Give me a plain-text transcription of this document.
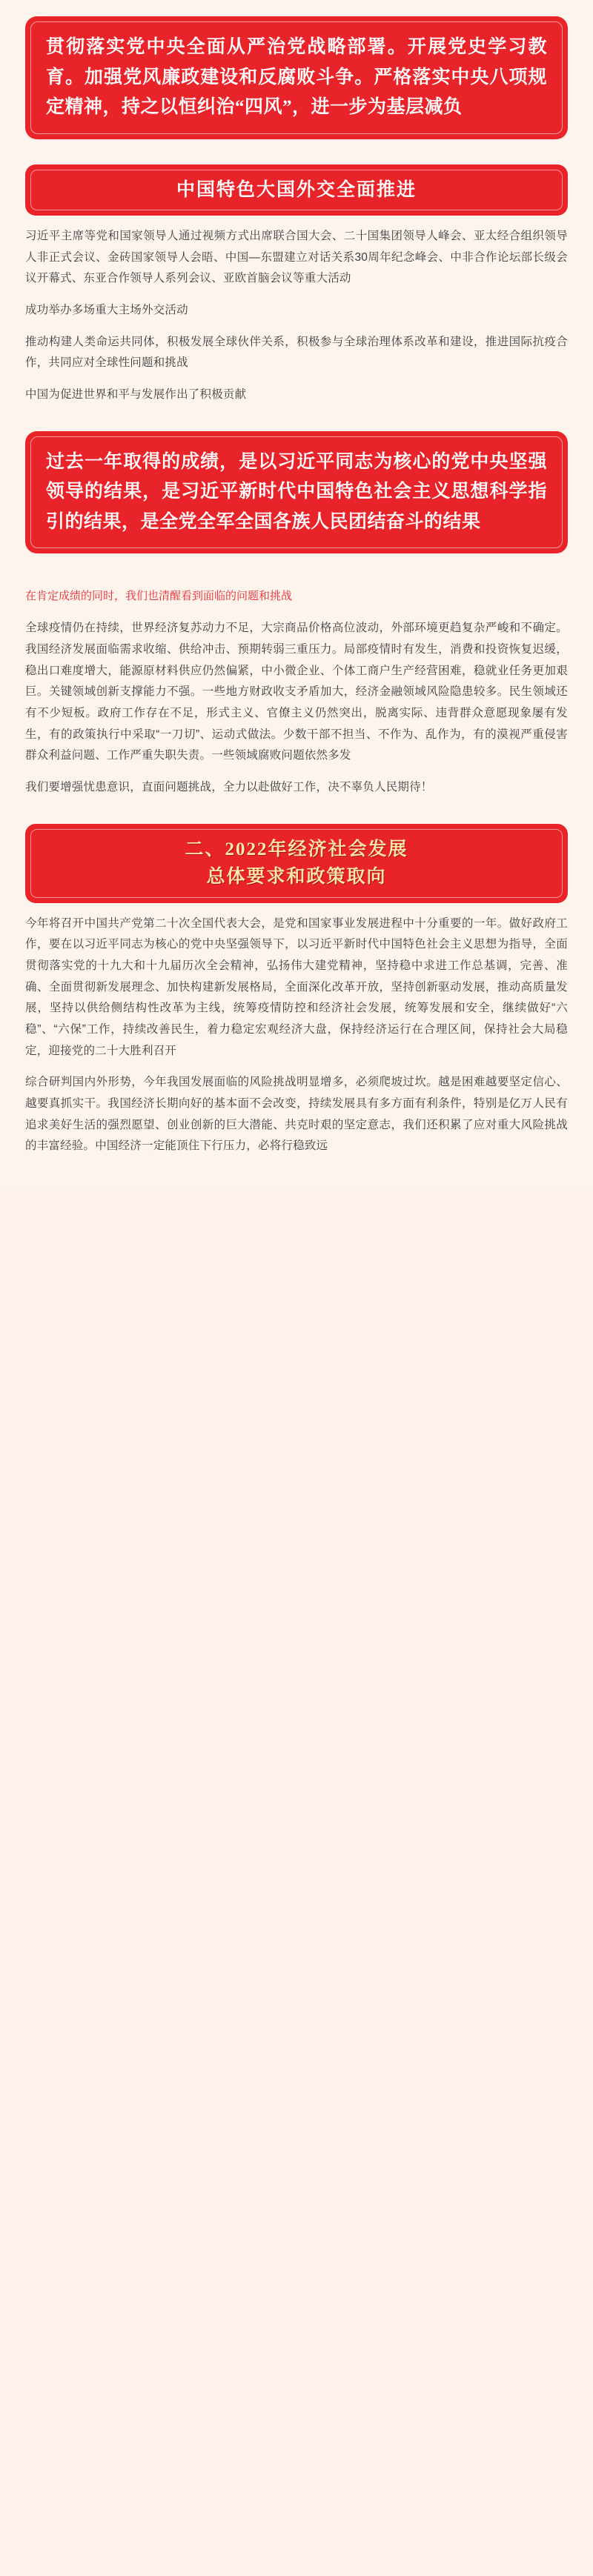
贯彻落实党中央全面从严治党战略部署。开展党史学习教育。加强党风廉政建设和反腐败斗争。严格落实中央八项规定精神，持之以恒纠治“四风”，进一步为基层减负
中国特色大国外交全面推进
习近平主席等党和国家领导人通过视频方式出席联合国大会、二十国集团领导人峰会、亚太经合组织领导人非正式会议、金砖国家领导人会晤、中国—东盟建立对话关系30周年纪念峰会、中非合作论坛部长级会议开幕式、东亚合作领导人系列会议、亚欧首脑会议等重大活动
成功举办多场重大主场外交活动
推动构建人类命运共同体，积极发展全球伙伴关系，积极参与全球治理体系改革和建设，推进国际抗疫合作，共同应对全球性问题和挑战
中国为促进世界和平与发展作出了积极贡献
过去一年取得的成绩，是以习近平同志为核心的党中央坚强领导的结果，是习近平新时代中国特色社会主义思想科学指引的结果，是全党全军全国各族人民团结奋斗的结果
在肯定成绩的同时，我们也清醒看到面临的问题和挑战
全球疫情仍在持续，世界经济复苏动力不足，大宗商品价格高位波动，外部环境更趋复杂严峻和不确定。我国经济发展面临需求收缩、供给冲击、预期转弱三重压力。局部疫情时有发生，消费和投资恢复迟缓，稳出口难度增大，能源原材料供应仍然偏紧，中小微企业、个体工商户生产经营困难，稳就业任务更加艰巨。关键领域创新支撑能力不强。一些地方财政收支矛盾加大，经济金融领域风险隐患较多。民生领域还有不少短板。政府工作存在不足，形式主义、官僚主义仍然突出，脱离实际、违背群众意愿现象屡有发生，有的政策执行中采取“一刀切”、运动式做法。少数干部不担当、不作为、乱作为，有的漠视严重侵害群众利益问题、工作严重失职失责。一些领域腐败问题依然多发
我们要增强忧患意识，直面问题挑战，全力以赴做好工作，决不辜负人民期待！
二、2022年经济社会发展
总体要求和政策取向
今年将召开中国共产党第二十次全国代表大会，是党和国家事业发展进程中十分重要的一年。做好政府工作，要在以习近平同志为核心的党中央坚强领导下，以习近平新时代中国特色社会主义思想为指导，全面贯彻落实党的十九大和十九届历次全会精神，弘扬伟大建党精神，坚持稳中求进工作总基调，完善、准确、全面贯彻新发展理念、加快构建新发展格局，全面深化改革开放，坚持创新驱动发展，推动高质量发展，坚持以供给侧结构性改革为主线，统筹疫情防控和经济社会发展，统筹发展和安全，继续做好“六稳”、“六保”工作，持续改善民生，着力稳定宏观经济大盘，保持经济运行在合理区间，保持社会大局稳定，迎接党的二十大胜利召开
综合研判国内外形势，今年我国发展面临的风险挑战明显增多，必须爬坡过坎。越是困难越要坚定信心、越要真抓实干。我国经济长期向好的基本面不会改变，持续发展具有多方面有利条件，特别是亿万人民有追求美好生活的强烈愿望、创业创新的巨大潜能、共克时艰的坚定意志，我们还积累了应对重大风险挑战的丰富经验。中国经济一定能顶住下行压力，必将行稳致远
